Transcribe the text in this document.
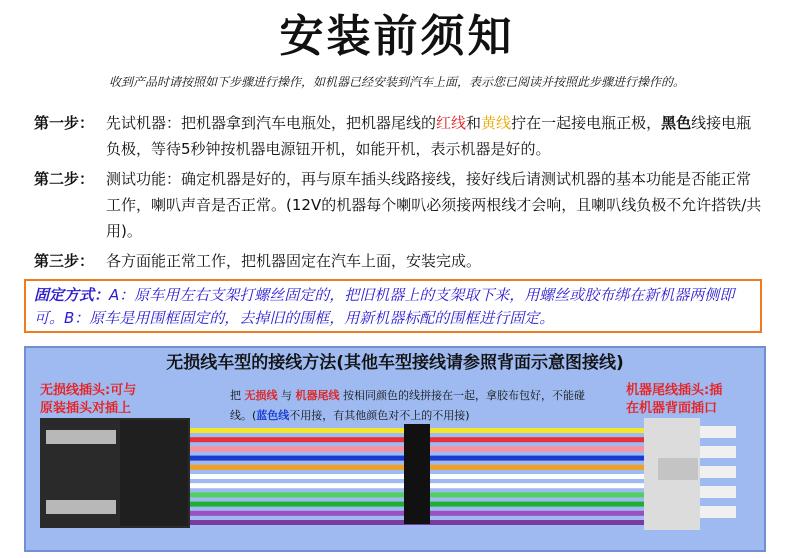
安装前须知
收到产品时请按照如下步骤进行操作，如机器已经安装到汽车上面，表示您已阅读并按照此步骤进行操作的。
第一步： 先试机器：把机器拿到汽车电瓶处，把机器尾线的红线和黄线拧在一起接电瓶正极，黑色线接电瓶负极，等待5秒钟按机器电源钮开机，如能开机，表示机器是好的。
第二步： 测试功能：确定机器是好的，再与原车插头线路接线，接好线后请测试机器的基本功能是否能正常工作，喇叭声音是否正常。(12V的机器每个喇叭必须接两根线才会响，且喇叭线负极不允许搭铁/共用)。
第三步： 各方面能正常工作，把机器固定在汽车上面，安装完成。
固定方式：A：原车用左右支架打螺丝固定的，把旧机器上的支架取下来，用螺丝或胶布绑在新机器两侧即可。B：原车是用围框固定的，去掉旧的围框，用新机器标配的围框进行固定。
无损线车型的接线方法(其他车型接线请参照背面示意图接线)
无损线插头:可与
原装插头对插上
机器尾线插头:插
在机器背面插口
把 无损线 与 机器尾线 按相同颜色的线拼接在一起，拿胶布包好，不能碰线。(蓝色线不用接，有其他颜色对不上的不用接)
